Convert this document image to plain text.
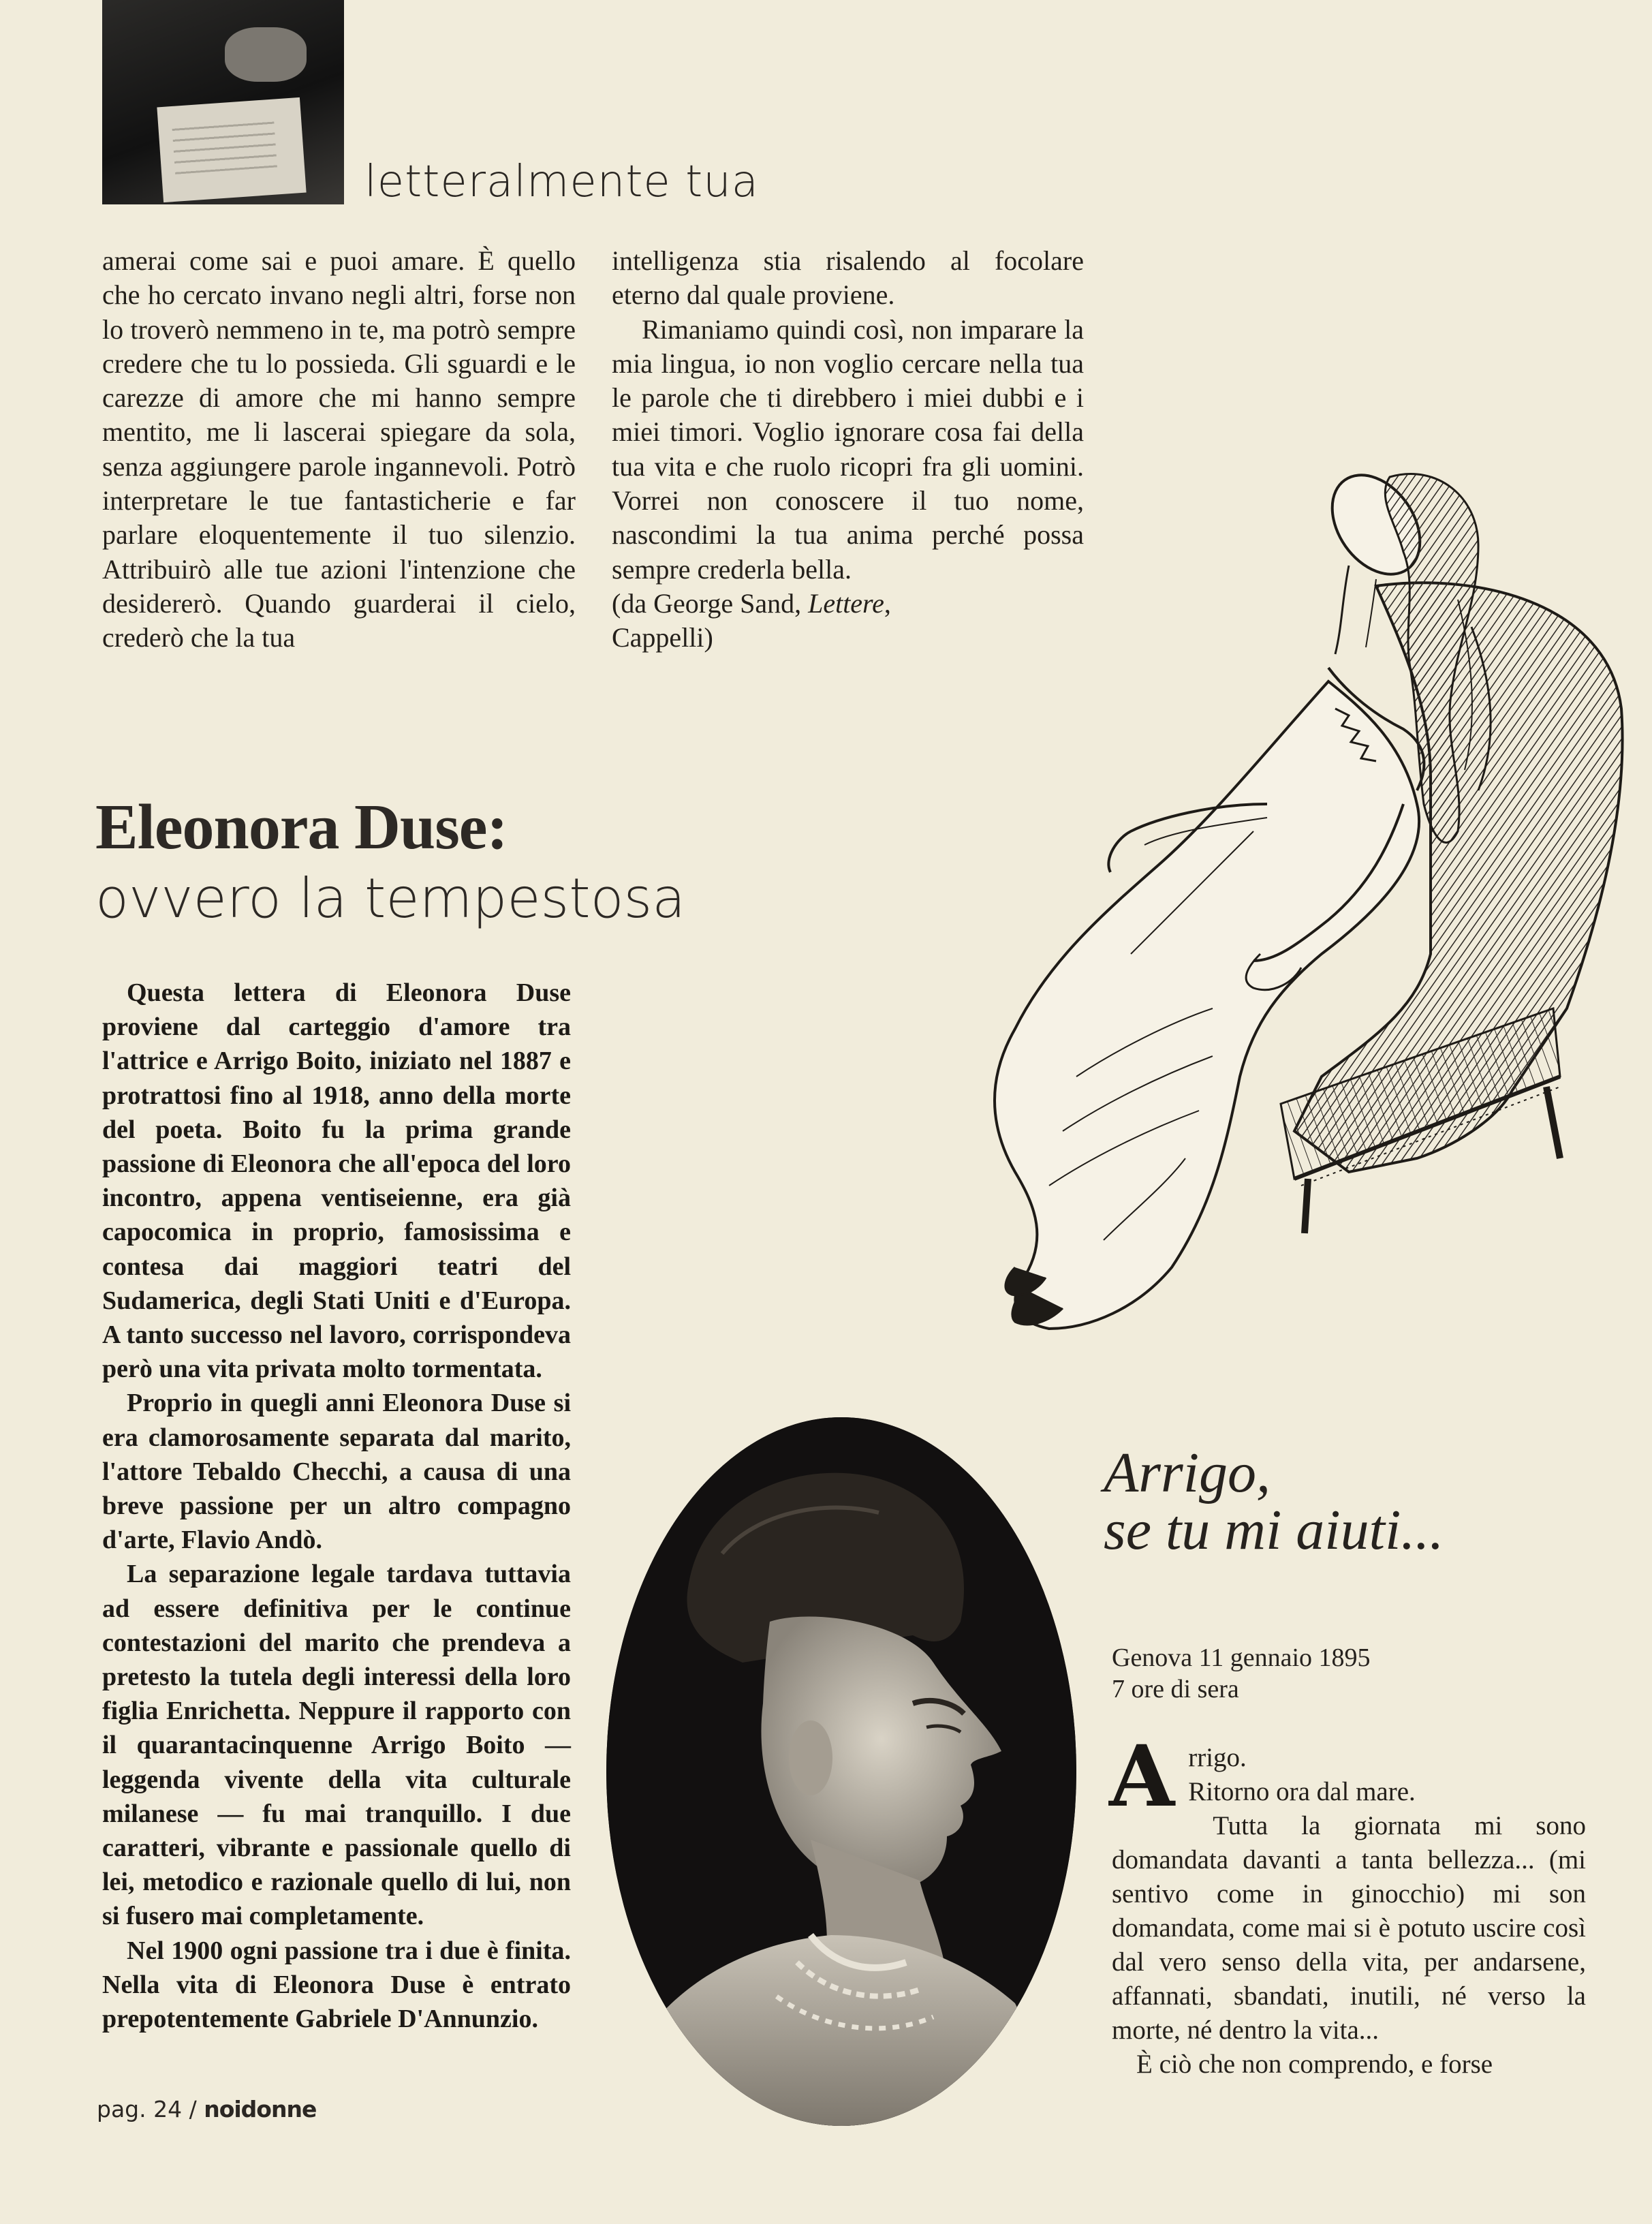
letteralmente tua

amerai come sai e puoi amare. È quello che ho cercato invano negli altri, forse non lo troverò nemmeno in te, ma potrò sempre credere che tu lo possieda. Gli sguardi e le carezze di amore che mi hanno sempre mentito, me li lascerai spiegare da sola, senza aggiungere parole ingannevoli. Potrò interpretare le tue fantasticherie e far parlare eloquentemente il tuo silenzio. Attribuirò alle tue azioni l'intenzione che desidererò. Quando guarderai il cielo, crederò che la tua

intelligenza stia risalendo al focolare eterno dal quale proviene.

Rimaniamo quindi così, non imparare la mia lingua, io non voglio cercare nella tua le parole che ti direbbero i miei dubbi e i miei timori. Voglio ignorare cosa fai della tua vita e che ruolo ricopri fra gli uomini. Vorrei non conoscere il tuo nome, nascondimi la tua anima perché possa sempre crederla bella.

(da George Sand, Lettere,
Cappelli)

Eleonora Duse:
ovvero la tempestosa

Questa lettera di Eleonora Duse proviene dal carteggio d'amore tra l'attrice e Arrigo Boito, iniziato nel 1887 e protrattosi fino al 1918, anno della morte del poeta. Boito fu la prima grande passione di Eleonora che all'epoca del loro incontro, appena ventiseienne, era già capocomica in proprio, famosissima e contesa dai maggiori teatri del Sudamerica, degli Stati Uniti e d'Europa. A tanto successo nel lavoro, corrispondeva però una vita privata molto tormentata.

Proprio in quegli anni Eleonora Duse si era clamorosamente separata dal marito, l'attore Tebaldo Checchi, a causa di una breve passione per un altro compagno d'arte, Flavio Andò.

La separazione legale tardava tuttavia ad essere definitiva per le continue contestazioni del marito che prendeva a pretesto la tutela degli interessi della loro figlia Enrichetta. Neppure il rapporto con il quarantacinquenne Arrigo Boito — leggenda vivente della vita culturale milanese — fu mai tranquillo. I due caratteri, vibrante e passionale quello di lei, metodico e razionale quello di lui, non si fusero mai completamente.

Nel 1900 ogni passione tra i due è finita. Nella vita di Eleonora Duse è entrato prepotentemente Gabriele D'Annunzio.

Arrigo,
se tu mi aiuti...
Genova 11 gennaio 1895
7 ore di sera
A rrigo.

Ritorno ora dal mare.

Tutta la giornata mi sono domandata davanti a tanta bellezza... (mi sentivo come in ginocchio) mi son domandata, come mai si è potuto uscire così dal vero senso della vita, per andarsene, affannati, sbandati, inutili, né verso la morte, né dentro la vita...

È ciò che non comprendo, e forse

pag. 24 / noidonne
